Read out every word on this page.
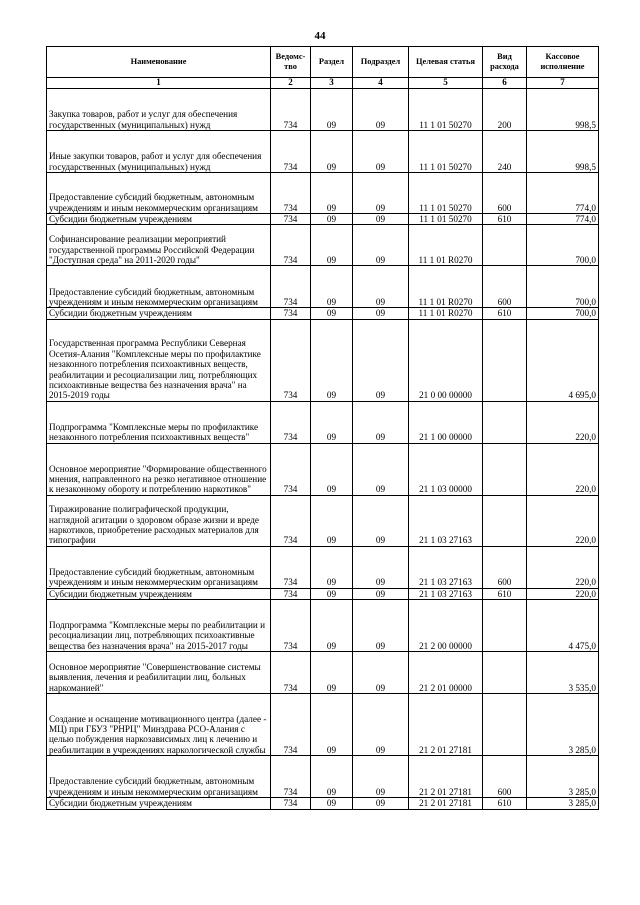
44
Наименование	Ведомс-тво	Раздел	Подраздел	Целевая статья	Вид расхода	Кассовое исполнение
1	2	3	4	5	6	7
Закупка товаров, работ и услуг для обеспечения государственных (муниципальных) нужд	734	09	09	11 1 01 50270	200	998,5
Иные закупки товаров, работ и услуг для обеспечения государственных (муниципальных) нужд	734	09	09	11 1 01 50270	240	998,5
Предоставление субсидий бюджетным, автономным учреждениям и иным некоммерческим организациям	734	09	09	11 1 01 50270	600	774,0
Субсидии бюджетным учреждениям	734	09	09	11 1 01 50270	610	774,0
Софинансирование реализации мероприятий государственной программы Российской Федерации "Доступная среда" на 2011-2020 годы"	734	09	09	11 1 01 R0270		700,0
Предоставление субсидий бюджетным, автономным учреждениям и иным некоммерческим организациям	734	09	09	11 1 01 R0270	600	700,0
Субсидии бюджетным учреждениям	734	09	09	11 1 01 R0270	610	700,0
Государственная программа Республики Северная Осетия-Алания "Комплексные меры по профилактике незаконного потребления психоактивных веществ, реабилитации и ресоциализации лиц, потребляющих психоактивные вещества без назначения врача" на 2015-2019 годы	734	09	09	21 0 00 00000		4 695,0
Подпрограмма "Комплексные меры по профилактике незаконного потребления психоактивных веществ"	734	09	09	21 1 00 00000		220,0
Основное мероприятие "Формирование общественного мнения, направленного на резко негативное отношение к незаконному обороту и потреблению наркотиков"	734	09	09	21 1 03 00000		220,0
Тиражирование полиграфической продукции, наглядной агитации о здоровом образе жизни и вреде наркотиков, приобретение расходных материалов для типографии	734	09	09	21 1 03 27163		220,0
Предоставление субсидий бюджетным, автономным учреждениям и иным некоммерческим организациям	734	09	09	21 1 03 27163	600	220,0
Субсидии бюджетным учреждениям	734	09	09	21 1 03 27163	610	220,0
Подпрограмма "Комплексные меры по реабилитации и ресоциализации лиц, потребляющих психоактивные вещества без назначения врача" на 2015-2017 годы	734	09	09	21 2 00 00000		4 475,0
Основное мероприятие "Совершенствование системы выявления, лечения и реабилитации лиц, больных наркоманией"	734	09	09	21 2 01 00000		3 535,0
Создание и оснащение мотивационного центра (далее - МЦ) при ГБУЗ "РНРЦ" Минздрава РСО-Алания с целью побуждения наркозависимых лиц к лечению и реабилитации в учреждениях наркологической службы	734	09	09	21 2 01 27181		3 285,0
Предоставление субсидий бюджетным, автономным учреждениям и иным некоммерческим организациям	734	09	09	21 2 01 27181	600	3 285,0
Субсидии бюджетным учреждениям	734	09	09	21 2 01 27181	610	3 285,0
